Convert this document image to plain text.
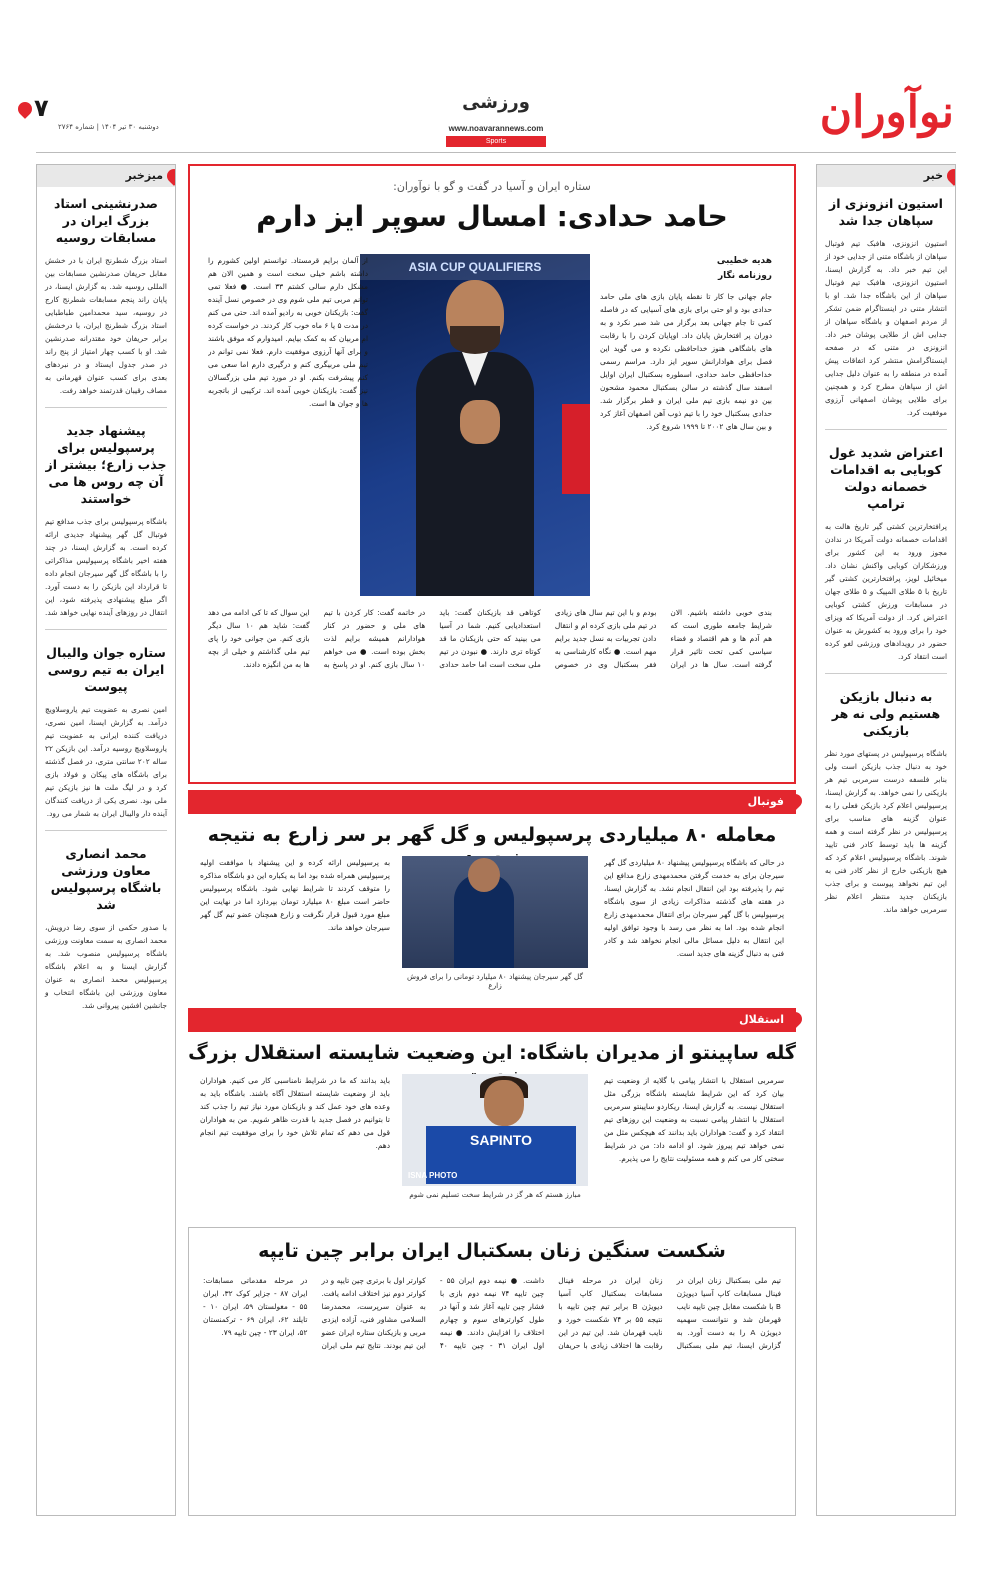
نوآوران
ورزشی
www.noavarannews.com
Sports
۷
دوشنبه ۳۰ تیر ۱۴۰۴ | شماره ۲۷۶۴
خبر
استیون انزونزی از سپاهان جدا شد
استیون انزونزی، هافبک تیم فوتبال سپاهان از باشگاه متنی از جدایی خود از این تیم خبر داد. به گزارش ایسنا، استیون انزونزی، هافبک تیم فوتبال سپاهان از این باشگاه جدا شد. او با انتشار متنی در اینستاگرام ضمن تشکر از مردم اصفهان و باشگاه سپاهان از جدایی اش از طلایی پوشان خبر داد. انزونزی در متنی که در صفحه اینستاگرامش منتشر کرد اتفاقات پیش آمده در منطقه را به عنوان دلیل جدایی اش از سپاهان مطرح کرد و همچنین برای طلایی پوشان اصفهانی آرزوی موفقیت کرد.
اعتراض شدید غول کوبایی به اقدامات خصمانه دولت ترامپ
پرافتخارترین کشتی گیر تاریخ هالت به اقدامات خصمانه دولت آمریکا در ندادن مجوز ورود به این کشور برای ورزشکاران کوبایی واکنش نشان داد. میخائیل لوپز، پرافتخارترین کشتی گیر تاریخ با ۵ طلای المپیک و ۵ طلای جهان در مسابقات ورزش کشتی کوبایی اعتراض کرد. از دولت آمریکا که ویزای خود را برای ورود به کشورش به عنوان حضور در رویدادهای ورزشی لغو کرده است انتقاد کرد.
به دنبال بازیکن هستیم ولی نه هر بازیکنی
باشگاه پرسپولیس در پستهای مورد نظر خود به دنبال جذب بازیکن است ولی بنابر فلسفه درست سرمربی تیم هر بازیکنی را نمی خواهد. به گزارش ایسنا، پرسپولیس اعلام کرد بازیکن فعلی را به عنوان گزینه های مناسب برای پرسپولیس در نظر گرفته است و همه گزینه ها باید توسط کادر فنی تایید شوند. باشگاه پرسپولیس اعلام کرد که هیچ بازیکنی خارج از نظر کادر فنی به این تیم نخواهد پیوست و برای جذب بازیکنان جدید منتظر اعلام نظر سرمربی خواهد ماند.
میزخبر
صدرنشینی استاد بزرگ ایران در مسابقات روسیه
استاد بزرگ شطرنج ایران با در خشش مقابل حریفان صدرنشین مسابقات بین المللی روسیه شد. به گزارش ایسنا، در پایان راند پنجم مسابقات شطرنج کارج در روسیه، سید محمدامین طباطبایی استاد بزرگ شطرنج ایران، با درخشش برابر حریفان خود مقتدرانه صدرنشین شد. او با کسب چهار امتیاز از پنج راند در صدر جدول ایستاد و در نبردهای بعدی برای کسب عنوان قهرمانی به مصاف رقیبان قدرتمند خواهد رفت.
پیشنهاد جدید پرسپولیس برای جذب زارع؛ بیشتر از آن چه روس ها می خواستند
باشگاه پرسپولیس برای جذب مدافع تیم فوتبال گل گهر پیشنهاد جدیدی ارائه کرده است. به گزارش ایسنا، در چند هفته اخیر باشگاه پرسپولیس مذاکراتی را با باشگاه گل گهر سیرجان انجام داده تا قرارداد این بازیکن را به دست آورد. اگر مبلغ پیشنهادی پذیرفته شود، این انتقال در روزهای آینده نهایی خواهد شد.
ستاره جوان والیبال ایران به تیم روسی پیوست
امین نصری به عضویت تیم یاروسلاویچ درآمد. به گزارش ایسنا، امین نصری، دریافت کننده ایرانی به عضویت تیم یاروسلاویچ روسیه درآمد. این بازیکن ۲۲ ساله ۲۰۲ سانتی متری، در فصل گذشته برای باشگاه های پیکان و فولاد بازی کرد و در لیگ ملت ها نیز بازیکن تیم ملی بود. نصری یکی از دریافت کنندگان آینده دار والیبال ایران به شمار می رود.
محمد انصاری معاون ورزشی باشگاه پرسپولیس شد
با صدور حکمی از سوی رضا درویش، محمد انصاری به سمت معاونت ورزشی باشگاه پرسپولیس منصوب شد. به گزارش ایسنا و به اعلام باشگاه پرسپولیس محمد انصاری به عنوان معاون ورزشی این باشگاه انتخاب و جانشین افشین پیروانی شد.
ستاره ایران و آسیا در گفت و گو با نوآوران:
حامد حدادی: امسال سوپر ایز دارم
هدیه خطیبی
روزنامه نگار
جام جهانی جا کار تا نقطه پایان بازی های ملی حامد حدادی بود و او حتی برای بازی های آسیایی که در فاصله کمی تا جام جهانی بعد برگزار می شد صبر نکرد و به دوران پر افتخارش پایان داد. اوپایان کردن را با رقابت های باشگاهی هنوز خداحافظی نکرده و می گوید این فصل برای هوادارانش سوپر ایز دارد. مراسم رسمی خداحافظی حامد حدادی، اسطوره بسکتبال ایران اوایل اسفند سال گذشته در سالن بسکتبال محمود مشحون بین دو نیمه بازی تیم ملی ایران و قطر برگزار شد. حدادی بسکتبال خود را با تیم ذوب آهن اصفهان آغاز کرد و بین سال های ۲۰۰۲ تا ۱۹۹۹ شروع کرد.
ASIA CUP QUALIFIERS
از آلمان برایم قرمستاد. توانستم اولین کشورم را داشته باشم خیلی سخت است و همین الان هم مشکل دارم سالی کشتم ۳۳ است. ● فعلا تمی توانم مربی تیم ملی شوم وی در خصوص نسل آینده گفت: بازیکنان خوبی به رادیو آمده اند. حتی می کنم در مدت ۵ یا ۶ ماه خوب کار کردند. در خواست کرده ام مربیان که به کمک بیایم. امیدوارم که موفق باشند و برای آنها آرزوی موفقیت دارم. فعلا نمی توانم در تیم ملی مربیگری کنم و درگیری دارم اما سعی می کنم پیشرفت بکنم. او در مورد تیم ملی بزرگسالان نیز گفت: بازیکنان خوبی آمده اند. ترکیبی از باتجربه ها و جوان ها است.
بندی خوبی داشته باشیم. الان شرایط جامعه طوری است که هم آدم ها و هم اقتصاد و فضاء سیاسی کمی تحت تاثیر قرار گرفته است. سال ها در ایران بودم و با این تیم سال های زیادی در تیم ملی بازی کرده ام و انتقال دادن تجربیات به نسل جدید برایم مهم است. ● نگاه کارشناسی به فقر بسکتبال وی در خصوص کوتاهی قد بازیکنان گفت: باید استعدادیابی کنیم. شما در آسیا می بینید که حتی بازیکنان ما قد کوتاه تری دارند. ● نبودن در تیم ملی سخت است اما حامد حدادی در خاتمه گفت: کار کردن با تیم های ملی و حضور در کنار هوادارانم همیشه برایم لذت بخش بوده است. ● می خواهم ۱۰ سال بازی کنم. او در پاسخ به این سوال که تا کی ادامه می دهد گفت: شاید هم ۱۰ سال دیگر بازی کنم. من جوانی خود را پای تیم ملی گذاشتم و خیلی از بچه ها به من انگیزه دادند.
فوتبال
معامله ۸۰ میلیاردی پرسپولیس و گل گهر بر سر زارع به نتیجه
در حالی که باشگاه پرسپولیس پیشنهاد ۸۰ میلیاردی گل گهر سیرجان برای به خدمت گرفتن محمدمهدی زارع مدافع این تیم را پذیرفته بود این انتقال انجام نشد. به گزارش ایسنا، در هفته های گذشته مذاکرات زیادی از سوی باشگاه پرسپولیس با گل گهر سیرجان برای انتقال محمدمهدی زارع انجام شده بود. اما به نظر می رسد با وجود توافق اولیه این انتقال به دلیل مسائل مالی انجام نخواهد شد و کادر فنی به دنبال گزینه های جدید است.
گل گهر سیرجان پیشنهاد ۸۰ میلیارد تومانی را برای فروش زارع
به پرسپولیس ارائه کرده و این پیشنهاد با موافقت اولیه پرسپولیس همراه شده بود اما به یکباره این دو باشگاه مذاکره را متوقف کردند تا شرایط نهایی شود. باشگاه پرسپولیس حاضر است مبلغ ۸۰ میلیارد تومان بپردازد اما در نهایت این مبلغ مورد قبول قرار نگرفت و زارع همچنان عضو تیم گل گهر سیرجان خواهد ماند.
استقلال
گله ساپینتو از مدیران باشگاه: این وضعیت شایسته استقلال بزرگ
سرمربی استقلال با انتشار پیامی با گلایه از وضعیت تیم بیان کرد که این شرایط شایسته باشگاه بزرگی مثل استقلال نیست. به گزارش ایسنا، ریکاردو ساپینتو سرمربی استقلال با انتشار پیامی نسبت به وضعیت این روزهای تیم انتقاد کرد و گفت: هواداران باید بدانند که هیچکس مثل من نمی خواهد تیم پیروز شود. او ادامه داد: من در شرایط سختی کار می کنم و همه مسئولیت نتایج را می پذیرم.
SAPINTO
ISNA PHOTO
مبارز هستم که هر گز در شرایط سخت تسلیم نمی شوم
باید بدانند که ما در شرایط نامناسبی کار می کنیم. هواداران باید از وضعیت شایسته استقلال آگاه باشند. باشگاه باید به وعده های خود عمل کند و بازیکنان مورد نیاز تیم را جذب کند تا بتوانیم در فصل جدید با قدرت ظاهر شویم. من به هواداران قول می دهم که تمام تلاش خود را برای موفقیت تیم انجام دهم.
شکست سنگین زنان بسکتبال ایران برابر چین تایپه
تیم ملی بسکتبال زنان ایران در فینال مسابقات کاپ آسیا دیویژن B با شکست مقابل چین تایپه نایب قهرمان شد و نتوانست سهمیه دیویژن A را به دست آورد. به گزارش ایسنا، تیم ملی بسکتبال زنان ایران در مرحله فینال مسابقات بسکتبال کاپ آسیا دیویژن B برابر تیم چین تایپه با نتیجه ۵۵ بر ۷۴ شکست خورد و نایب قهرمان شد. این تیم در این رقابت ها اختلاف زیادی با حریفان داشت. ● نیمه دوم ایران ۵۵ - چین تایپه ۷۴ نیمه دوم بازی با فشار چین تایپه آغاز شد و آنها در طول کوارترهای سوم و چهارم اختلاف را افزایش دادند. ● نیمه اول ایران ۳۱ - چین تایپه ۴۰ کوارتر اول با برتری چین تایپه و در کوارتر دوم نیز اختلاف ادامه یافت. به عنوان سرپرست، محمدرضا السلامی مشاور فنی، آزاده ایزدی مربی و بازیکنان ستاره ایران عضو این تیم بودند. نتایج تیم ملی ایران در مرحله مقدماتی مسابقات: ایران ۸۷ - جزایر کوک ۳۲، ایران ۵۵ - مغولستان ۵۹، ایران ۱۰ - تایلند ۶۲، ایران ۶۹ - ترکمنستان ۵۲، ایران ۲۳ - چین تایپه ۷۹.
